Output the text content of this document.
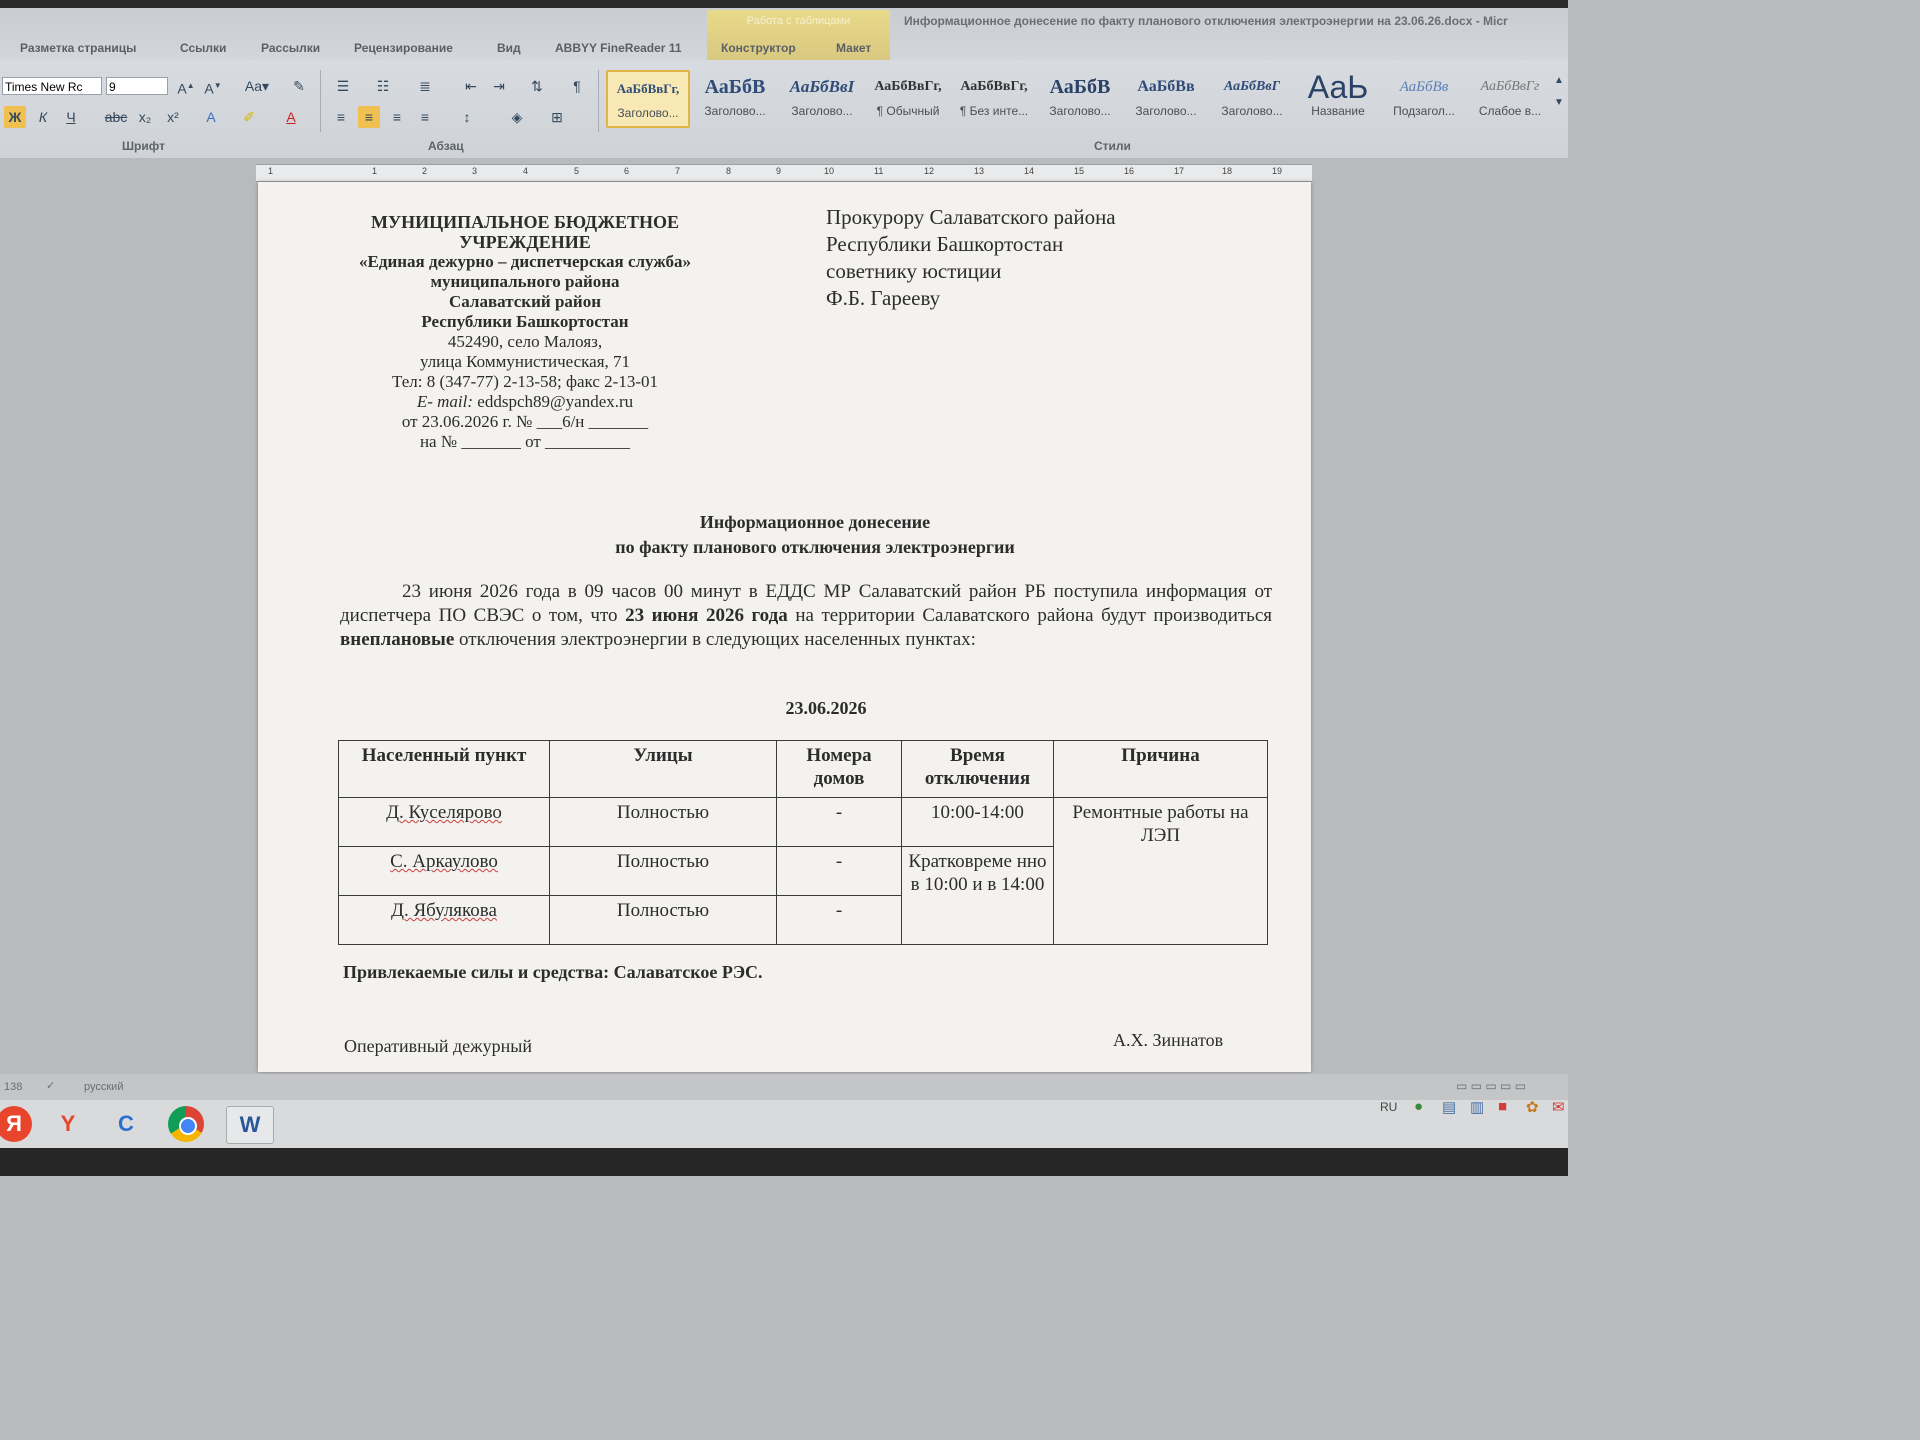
Работа с таблицами	Информационное донесение по факту планового отключения электроэнергии на 23.06.26.docx - Micr
Разметка страницы	Ссылки	Рассылки	Рецензирование	Вид	ABBYY FineReader 11	Конструктор	Макет
Times New Rc	9	A▲ A▼ Aa▾	✎
Ж	К	Ч	abc x₂	x²	A	✐	A
Шрифт
☰	☷	≣	⇤	⇥	⇅	¶
≡	≡	≡	≡	↕	◈	⊞
Абзац
АаБбВвГг,
Заголово...
АаБбВ
Заголово...
АаБбВвІ
Заголово...
АаБбВвГг,
¶ Обычный
АаБбВвГг,
¶ Без инте...
АаБбВ
Заголово...
АаБбВв
Заголово...
АаБбВвГ
Заголово...
АаЬ
Название
АаБбВв
Подзагол...
АаБбВвГг
Слабое в...
▲
▼
Стили
1	1	2	3	4	5	6	7	8	9	10	11	12	13	14	15	16	17	18	19
МУНИЦИПАЛЬНОЕ БЮДЖЕТНОЕ
УЧРЕЖДЕНИЕ
«Единая дежурно – диспетчерская служба»
муниципального района
Салаватский район
Республики Башкортостан
452490, село Малояз,
улица Коммунистическая, 71
Тел: 8 (347-77) 2-13-58; факс 2-13-01
E- mail: eddspch89@yandex.ru
от 23.06.2026 г. № ___6/н _______
на № _______ от __________
Прокурору Салаватского района
Республики Башкортостан
советнику юстиции
Ф.Б. Гарееву
Информационное донесение
по факту планового отключения электроэнергии
23 июня 2026 года в 09 часов 00 минут в ЕДДС МР Салаватский район РБ поступила информация от диспетчера ПО СВЭС о том, что 23 июня 2026 года на территории Салаватского района будут производиться внеплановые отключения электроэнергии в следующих населенных пунктах:
23.06.2026
Населенный пункт	Улицы	Номера домов	Время отключения	Причина
Д. Куселярово	Полностью	-	10:00-14:00	Ремонтные работы на ЛЭП
С. Аркаулово	Полностью	-	Кратковреме нно в 10:00 и в 14:00	
Д. Ябулякова	Полностью	-		
Привлекаемые силы и средства: Салаватское РЭС.
Оперативный дежурный	А.Х. Зиннатов
138 ✓	русский	▭ ▭ ▭ ▭ ▭
Я	Y	C	W
RU ● ▤ ▥ ■ ✿ ✉
